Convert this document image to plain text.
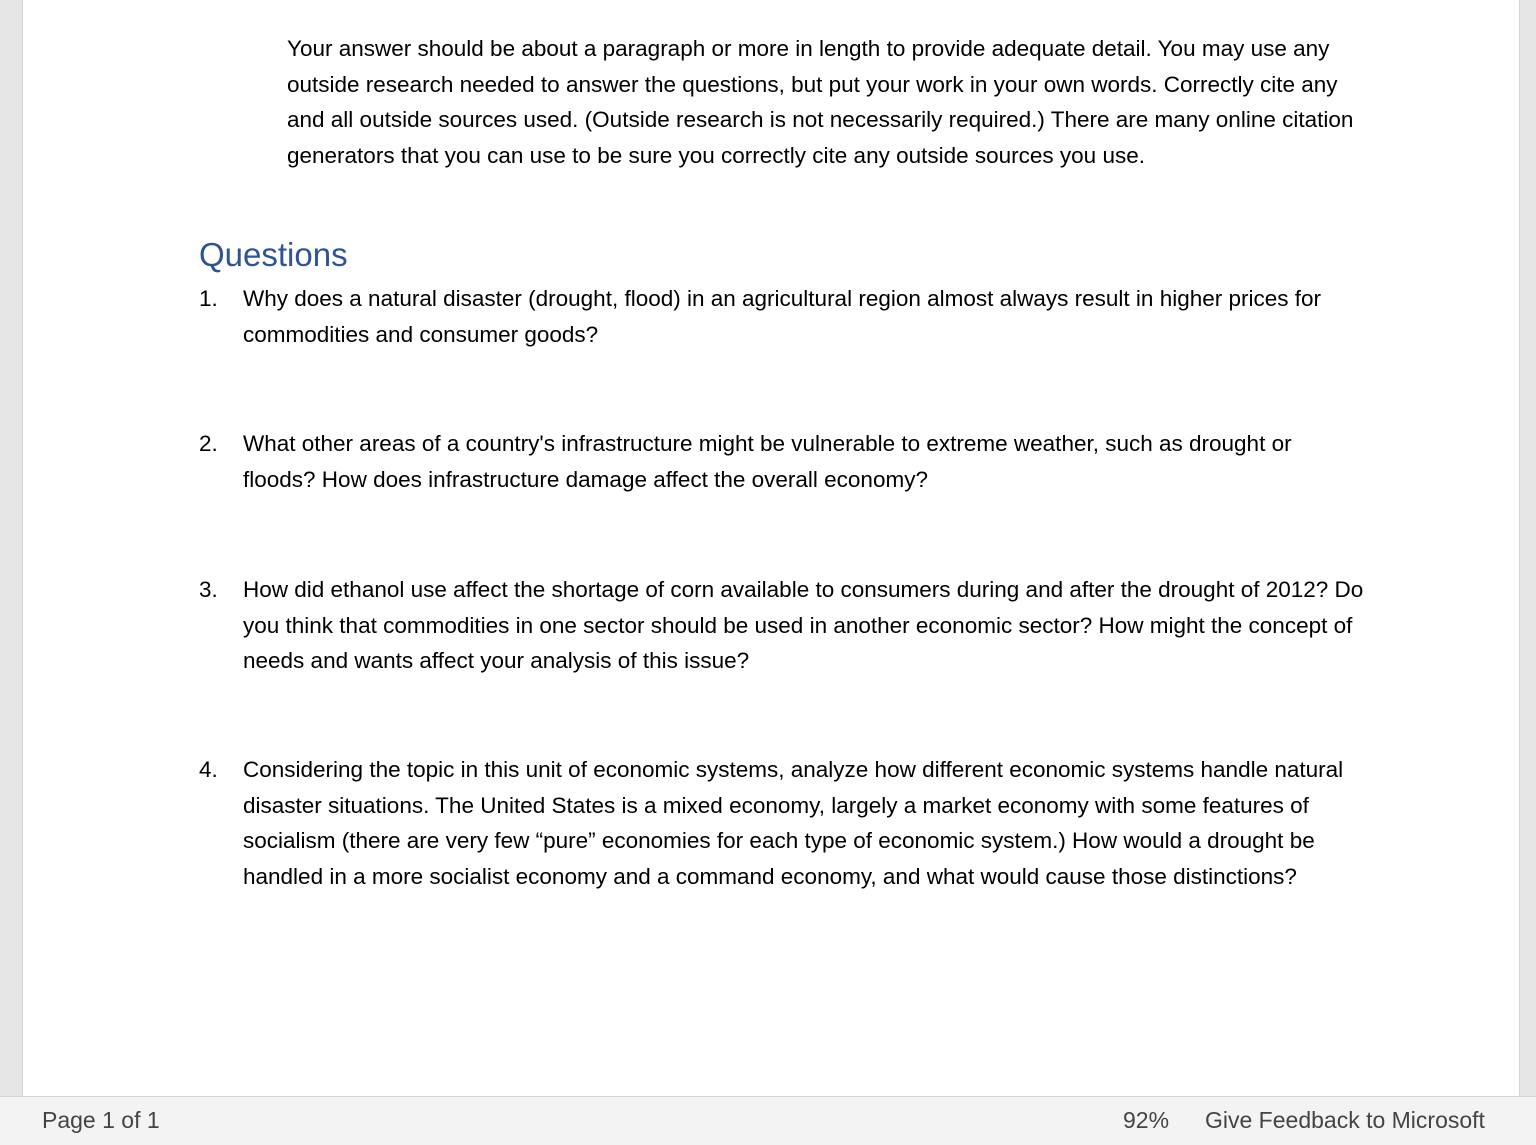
Your answer should be about a paragraph or more in length to provide adequate detail. You may use any outside research needed to answer the questions, but put your work in your own words. Correctly cite any and all outside sources used. (Outside research is not necessarily required.) There are many online citation generators that you can use to be sure you correctly cite any outside sources you use.

Questions
1.	Why does a natural disaster (drought, flood) in an agricultural region almost always result in higher prices for commodities and consumer goods?
2.	What other areas of a country's infrastructure might be vulnerable to extreme weather, such as drought or floods? How does infrastructure damage affect the overall economy?
3.	How did ethanol use affect the shortage of corn available to consumers during and after the drought of 2012? Do you think that commodities in one sector should be used in another economic sector? How might the concept of needs and wants affect your analysis of this issue?
4.	Considering the topic in this unit of economic systems, analyze how different economic systems handle natural disaster situations. The United States is a mixed economy, largely a market economy with some features of socialism (there are very few “pure” economies for each type of economic system.) How would a drought be handled in a more socialist economy and a command economy, and what would cause those distinctions?
Page 1 of 1	92% Give Feedback to Microsoft
